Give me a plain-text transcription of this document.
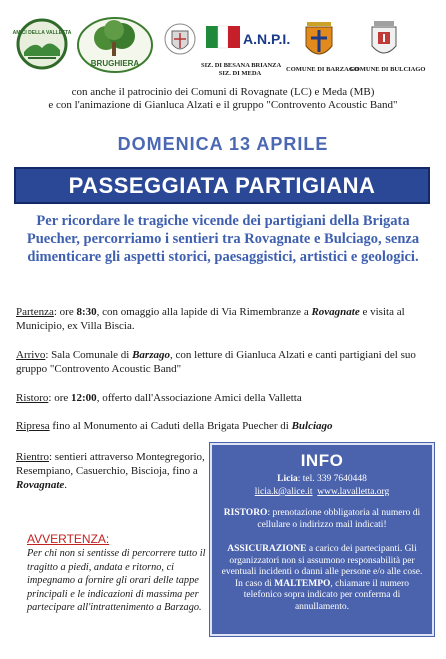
AMICI DELLA VALLETTA
BRUGHIERA
A.N.P.I.
SIZ. DI BESANA BRIANZA
SIZ. DI MEDA
COMUNE DI BARZAGO
COMUNE DI BULCIAGO
con anche il patrocinio dei Comuni di Rovagnate (LC) e Meda (MB)
e con l'animazione di Gianluca Alzati e il gruppo "Controvento Acoustic Band"
DOMENICA 13 APRILE
PASSEGGIATA PARTIGIANA
Per ricordare le tragiche vicende dei partigiani della Brigata Puecher, percorriamo i sentieri tra Rovagnate e Bulciago, senza dimenticare gli aspetti storici, paesaggistici, artistici e geologici.
Partenza: ore 8:30, con omaggio alla lapide di Via Rimembranze a Rovagnate e visita al Municipio, ex Villa Biscia.
Arrivo: Sala Comunale di Barzago, con letture di Gianluca Alzati e canti partigiani del suo gruppo "Controvento Acoustic Band"
Ristoro: ore 12:00, offerto dall'Associazione Amici della Valletta
Ripresa fino al Monumento ai Caduti della Brigata Puecher di Bulciago
Rientro: sentieri attraverso Montegregorio, Resempiano, Casuerchio, Biscioja, fino a Rovagnate.
AVVERTENZA:
Per chi non si sentisse di percorrere tutto il tragitto a piedi, andata e ritorno, ci impegnamo a fornire gli orari delle tappe principali e le indicazioni di massima per partecipare all'intrattenimento a Barzago.
INFO
Licia: tel. 339 7640448
licia.k@alice.it www.lavalletta.org
RISTORO: prenotazione obbligatoria al numero di cellulare o indirizzo mail indicati!
ASSICURAZIONE a carico dei partecipanti. Gli organizzatori non si assumono responsabilità per eventuali incidenti o danni alle persone e/o alle cose. In caso di MALTEMPO, chiamare il numero telefonico sopra indicato per conferma di annullamento.
